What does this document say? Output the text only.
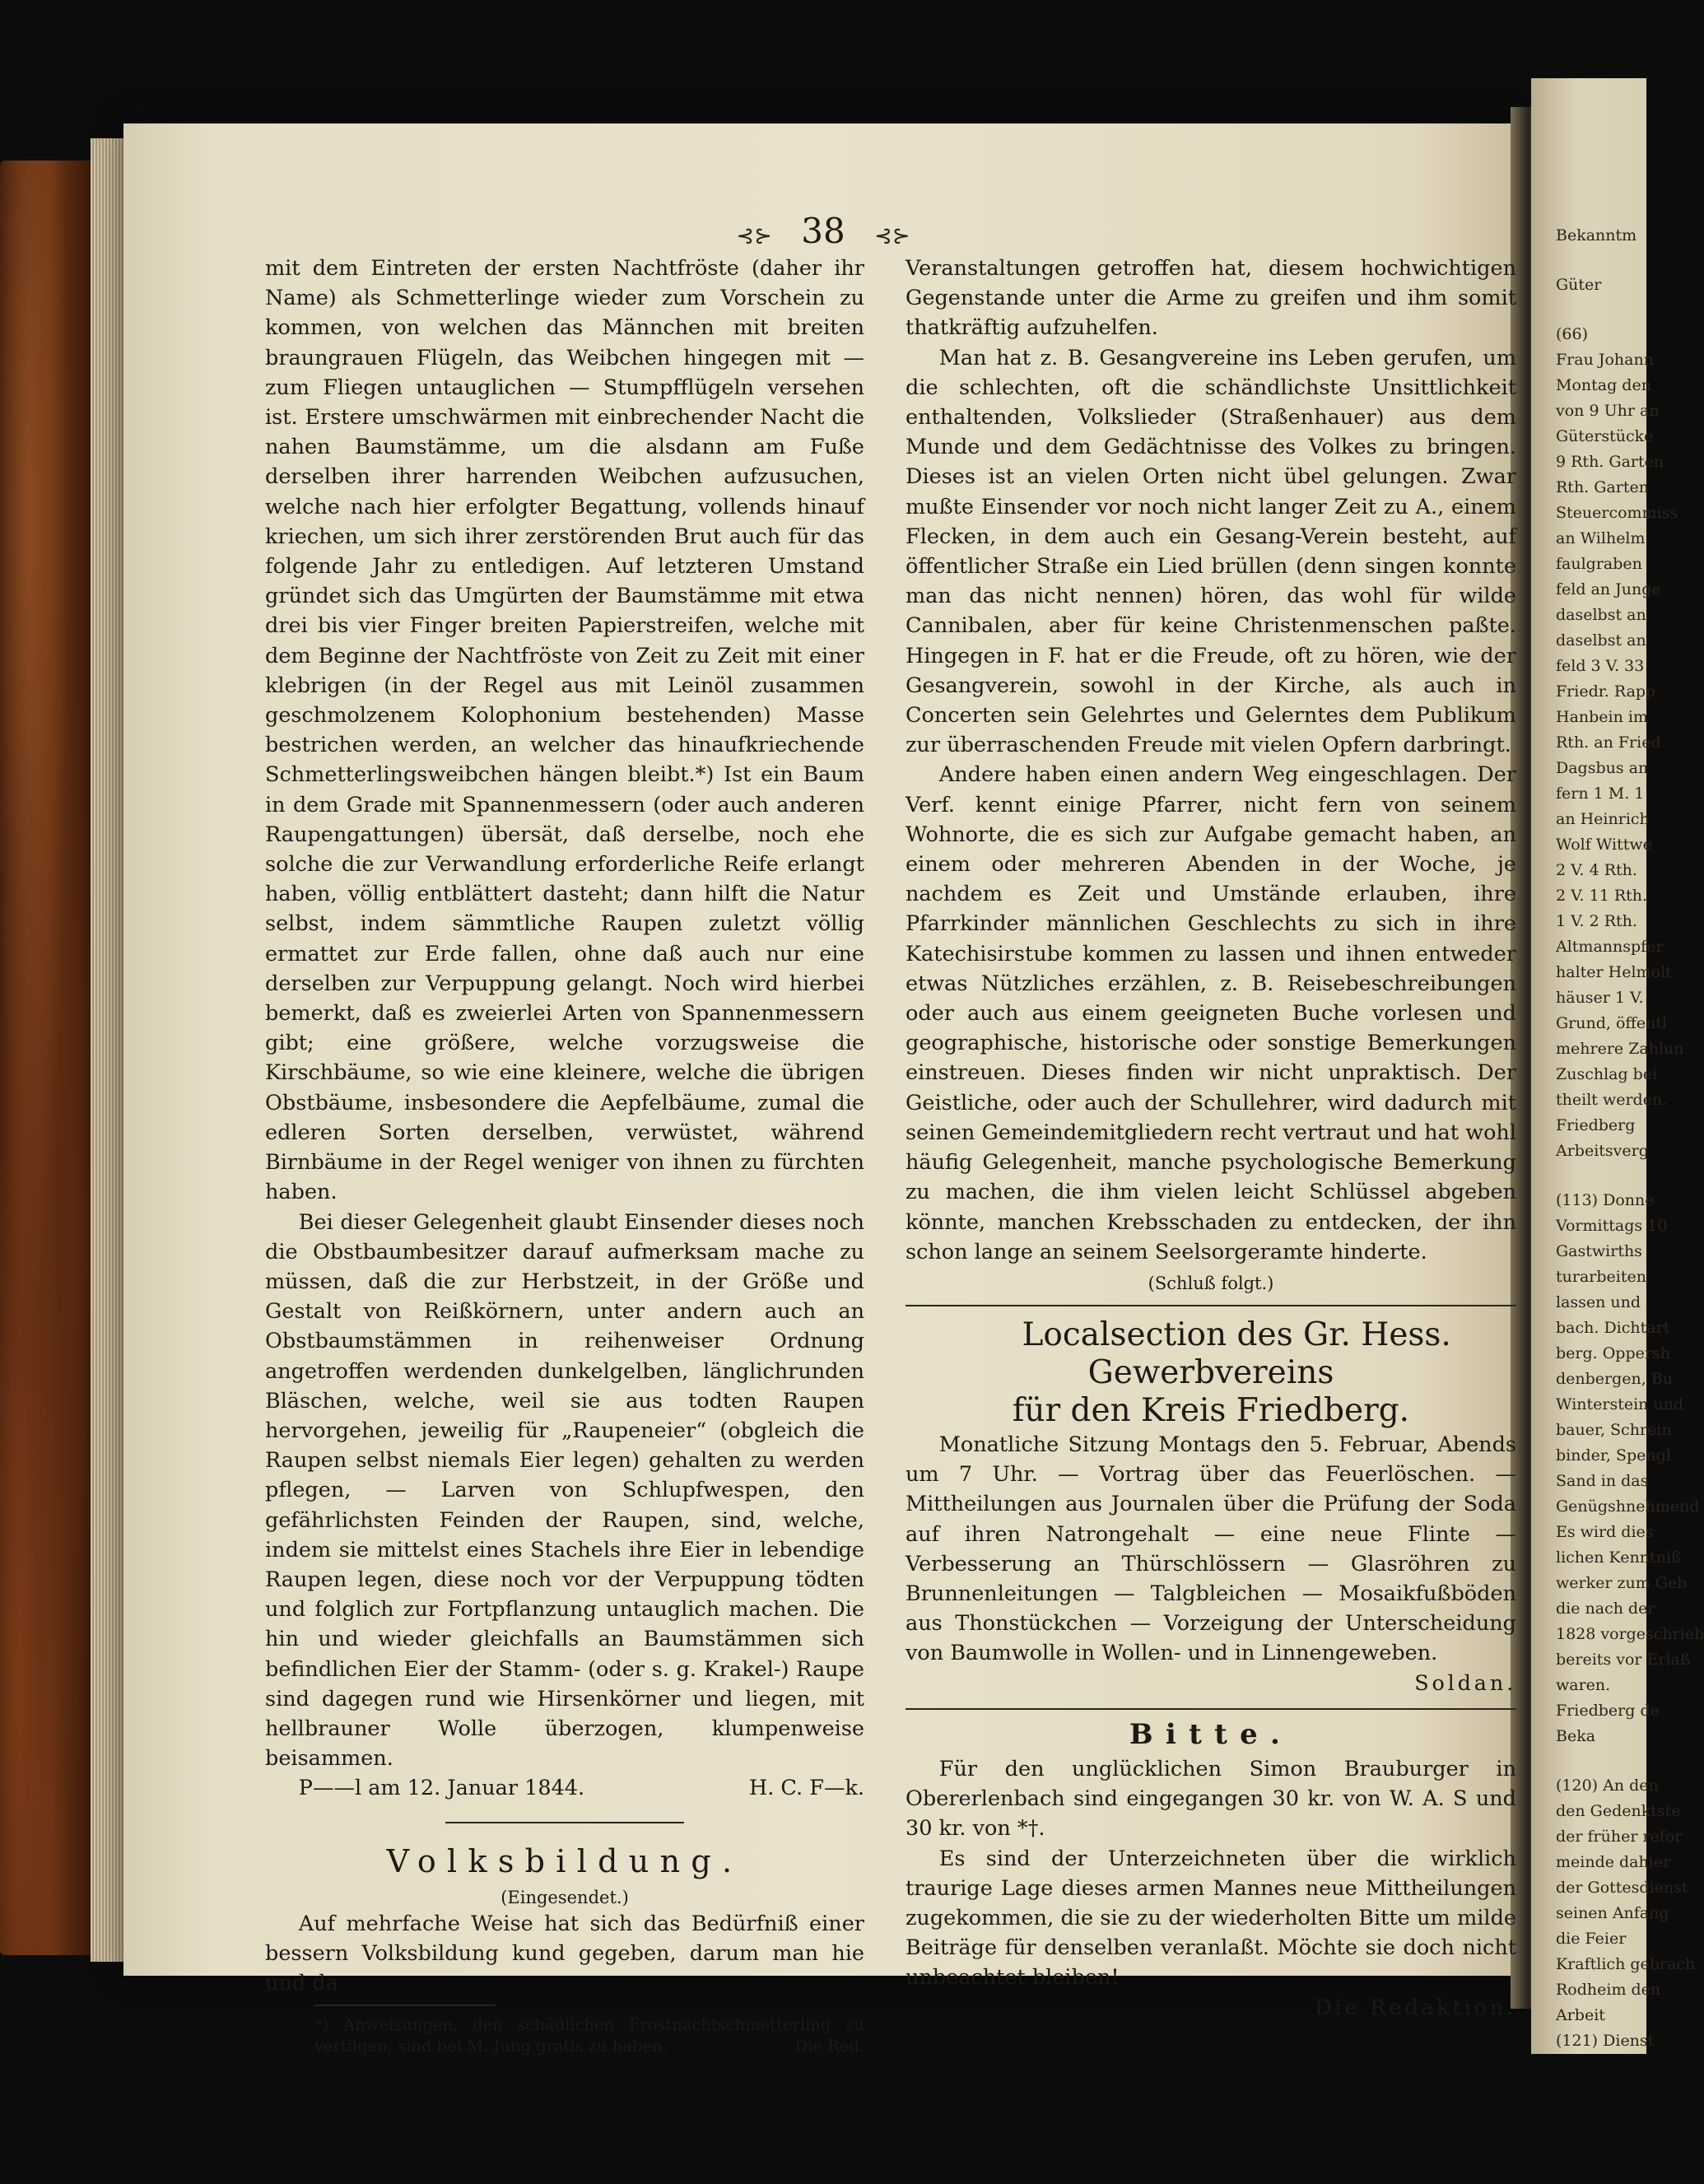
Bekanntm
Güter
(66)
Frau Johann
Montag den
von 9 Uhr an
Güterstücke
9 Rth. Garten
Rth. Garten
Steuercommiss
an Wilhelm
faulgraben
feld an Junge
daselbst an
daselbst an
feld 3 V. 33
Friedr. Rapp
Hanbein im
Rth. an Fried
Dagsbus an
fern 1 M. 1
an Heinrich
Wolf Wittwe
2 V. 4 Rth.
2 V. 11 Rth.
1 V. 2 Rth.
Altmannspfer
halter Helmolt
häuser 1 V.
Grund, öffentl
mehrere Zahlun
Zuschlag bei
theilt werden.
Friedberg
Arbeitsverg
(113) Donne
Vormittags 10
Gastwirths
turarbeiten
lassen und
bach. Dichtart
berg. Oppersh
denbergen, Bu
Winterstein und
bauer, Schrein
binder, Spengl
Sand in das
Genügshnehmend
Es wird dies
lichen Kenntniß
werker zum Geb
die nach der
1828 vorgeschrieb
bereits vor Erlaß
waren.
Friedberg de
Beka
(120) An den
den Gedenktste
der früher refor
meinde dahier
der Gottesdienst
seinen Anfang
die Feier
Kraftlich gebrach
Rodheim den
Arbeit
(121) Dienst
⊰⊱ 38 ⊰⊱

mit dem Eintreten der ersten Nachtfröste (daher ihr Name) als Schmetterlinge wieder zum Vorschein zu kommen, von welchen das Männchen mit breiten braungrauen Flügeln, das Weibchen hingegen mit — zum Fliegen untauglichen — Stumpfflügeln versehen ist. Erstere umschwärmen mit einbrechender Nacht die nahen Baumstämme, um die alsdann am Fuße derselben ihrer harrenden Weibchen aufzusuchen, welche nach hier erfolgter Begattung, vollends hinauf kriechen, um sich ihrer zerstörenden Brut auch für das folgende Jahr zu entledigen. Auf letzteren Umstand gründet sich das Umgürten der Baumstämme mit etwa drei bis vier Finger breiten Papierstreifen, welche mit dem Beginne der Nachtfröste von Zeit zu Zeit mit einer klebrigen (in der Regel aus mit Leinöl zusammen geschmolzenem Kolophonium bestehenden) Masse bestrichen werden, an welcher das hinaufkriechende Schmetterlingsweibchen hängen bleibt.*) Ist ein Baum in dem Grade mit Spannenmessern (oder auch anderen Raupengattungen) übersät, daß derselbe, noch ehe solche die zur Verwandlung erforderliche Reife erlangt haben, völlig entblättert dasteht; dann hilft die Natur selbst, indem sämmtliche Raupen zuletzt völlig ermattet zur Erde fallen, ohne daß auch nur eine derselben zur Verpuppung gelangt. Noch wird hierbei bemerkt, daß es zweierlei Arten von Spannenmessern gibt; eine größere, welche vorzugsweise die Kirschbäume, so wie eine kleinere, welche die übrigen Obstbäume, insbesondere die Aepfelbäume, zumal die edleren Sorten derselben, verwüstet, während Birnbäume in der Regel weniger von ihnen zu fürchten haben.

Bei dieser Gelegenheit glaubt Einsender dieses noch die Obstbaumbesitzer darauf aufmerksam mache zu müssen, daß die zur Herbstzeit, in der Größe und Gestalt von Reißkörnern, unter andern auch an Obstbaumstämmen in reihenweiser Ordnung angetroffen werdenden dunkelgelben, länglichrunden Bläschen, welche, weil sie aus todten Raupen hervorgehen, jeweilig für „Raupeneier“ (obgleich die Raupen selbst niemals Eier legen) gehalten zu werden pflegen, — Larven von Schlupfwespen, den gefährlichsten Feinden der Raupen, sind, welche, indem sie mittelst eines Stachels ihre Eier in lebendige Raupen legen, diese noch vor der Verpuppung tödten und folglich zur Fortpflanzung untauglich machen. Die hin und wieder gleichfalls an Baumstämmen sich befindlichen Eier der Stamm- (oder s. g. Krakel-) Raupe sind dagegen rund wie Hirsenkörner und liegen, mit hellbrauner Wolle überzogen, klumpenweise beisammen.

P——l am 12. Januar 1844.	H. C. F—k.

Volksbildung.

(Eingesendet.)

Auf mehrfache Weise hat sich das Bedürfniß einer bessern Volksbildung kund gegeben, darum man hie und da

*) Anweisungen, den schädlichen Frostnachtschmetterling zu vertilgen, sind bei M. Jung gratis zu haben.	Die Red.

Veranstaltungen getroffen hat, diesem hochwichtigen Gegenstande unter die Arme zu greifen und ihm somit thatkräftig aufzuhelfen.

Man hat z. B. Gesangvereine ins Leben gerufen, um die schlechten, oft die schändlichste Unsittlichkeit enthaltenden, Volkslieder (Straßenhauer) aus dem Munde und dem Gedächtnisse des Volkes zu bringen. Dieses ist an vielen Orten nicht übel gelungen. Zwar mußte Einsender vor noch nicht langer Zeit zu A., einem Flecken, in dem auch ein Gesang-Verein besteht, auf öffentlicher Straße ein Lied brüllen (denn singen konnte man das nicht nennen) hören, das wohl für wilde Cannibalen, aber für keine Christenmenschen paßte. Hingegen in F. hat er die Freude, oft zu hören, wie der Gesangverein, sowohl in der Kirche, als auch in Concerten sein Gelehrtes und Gelerntes dem Publikum zur überraschenden Freude mit vielen Opfern darbringt.

Andere haben einen andern Weg eingeschlagen. Der Verf. kennt einige Pfarrer, nicht fern von seinem Wohnorte, die es sich zur Aufgabe gemacht haben, an einem oder mehreren Abenden in der Woche, je nachdem es Zeit und Umstände erlauben, ihre Pfarrkinder männlichen Geschlechts zu sich in ihre Katechisirstube kommen zu lassen und ihnen entweder etwas Nützliches erzählen, z. B. Reisebeschreibungen oder auch aus einem geeigneten Buche vorlesen und geographische, historische oder sonstige Bemerkungen einstreuen. Dieses finden wir nicht unpraktisch. Der Geistliche, oder auch der Schullehrer, wird dadurch mit seinen Gemeindemitgliedern recht vertraut und hat wohl häufig Gelegenheit, manche psychologische Bemerkung zu machen, die ihm vielen leicht Schlüssel abgeben könnte, manchen Krebsschaden zu entdecken, der ihn schon lange an seinem Seelsorgeramte hinderte.

(Schluß folgt.)

Localsection des Gr. Hess. Gewerbvereins
für den Kreis Friedberg.

Monatliche Sitzung Montags den 5. Februar, Abends um 7 Uhr. — Vortrag über das Feuerlöschen. — Mittheilungen aus Journalen über die Prüfung der Soda auf ihren Natrongehalt — eine neue Flinte — Verbesserung an Thürschlössern — Glasröhren zu Brunnenleitungen — Talgbleichen — Mosaikfußböden aus Thonstückchen — Vorzeigung der Unterscheidung von Baumwolle in Wollen- und in Linnengeweben.

Soldan.

Bitte.

Für den unglücklichen Simon Brauburger in Obererlenbach sind eingegangen 30 kr. von W. A. S und 30 kr. von *†.

Es sind der Unterzeichneten über die wirklich traurige Lage dieses armen Mannes neue Mittheilungen zugekommen, die sie zu der wiederholten Bitte um milde Beiträge für denselben veranlaßt. Möchte sie doch nicht unbeachtet bleiben!

Die Redaktion.
